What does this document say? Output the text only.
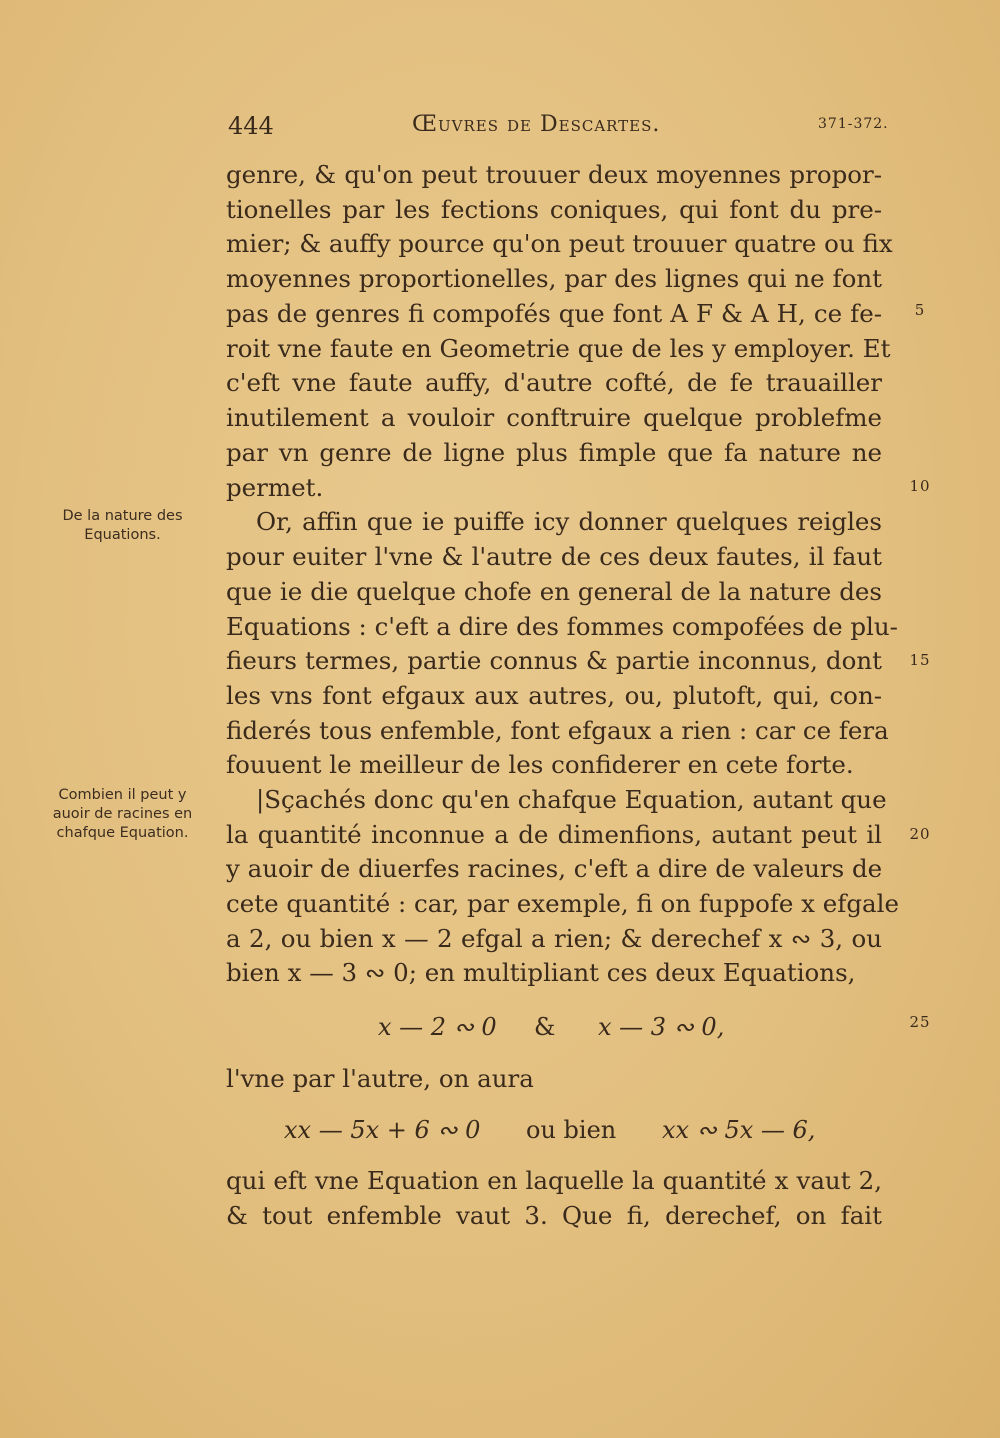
444	Œuvres de Descartes.	371-372.
De la nature des Equations.
Combien il peut y auoir de racines en chafque Equation.
5
10
15
20
25
genre, & qu'on peut trouuer deux moyennes propor-
tionelles par les fections coniques, qui font du pre-
mier; & auffy pource qu'on peut trouuer quatre ou fix
moyennes proportionelles, par des lignes qui ne font
pas de genres fi compofés que font A F & A H, ce fe-
roit vne faute en Geometrie que de les y employer. Et
c'eft vne faute auffy, d'autre cofté, de fe trauailler
inutilement a vouloir conftruire quelque problefme
par vn genre de ligne plus fimple que fa nature ne
permet.
Or, affin que ie puiffe icy donner quelques reigles
pour euiter l'vne & l'autre de ces deux fautes, il faut
que ie die quelque chofe en general de la nature des
Equations : c'eft a dire des fommes compofées de plu-
fieurs termes, partie connus & partie inconnus, dont
les vns font efgaux aux autres, ou, plutoft, qui, con-
fiderés tous enfemble, font efgaux a rien : car ce fera
fouuent le meilleur de les confiderer en cete forte.
|Sçachés donc qu'en chafque Equation, autant que
la quantité inconnue a de dimenfions, autant peut il
y auoir de diuerfes racines, c'eft a dire de valeurs de
cete quantité : car, par exemple, fi on fuppofe x efgale
a 2, ou bien x — 2 efgal a rien; & derechef x ∾ 3, ou
bien x — 3 ∾ 0; en multipliant ces deux Equations,
x — 2 ∾ 0 & x — 3 ∾ 0,
l'vne par l'autre, on aura
xx — 5x + 6 ∾ 0 ou bien xx ∾ 5x — 6,
qui eft vne Equation en laquelle la quantité x vaut 2,
& tout enfemble vaut 3. Que fi, derechef, on fait
